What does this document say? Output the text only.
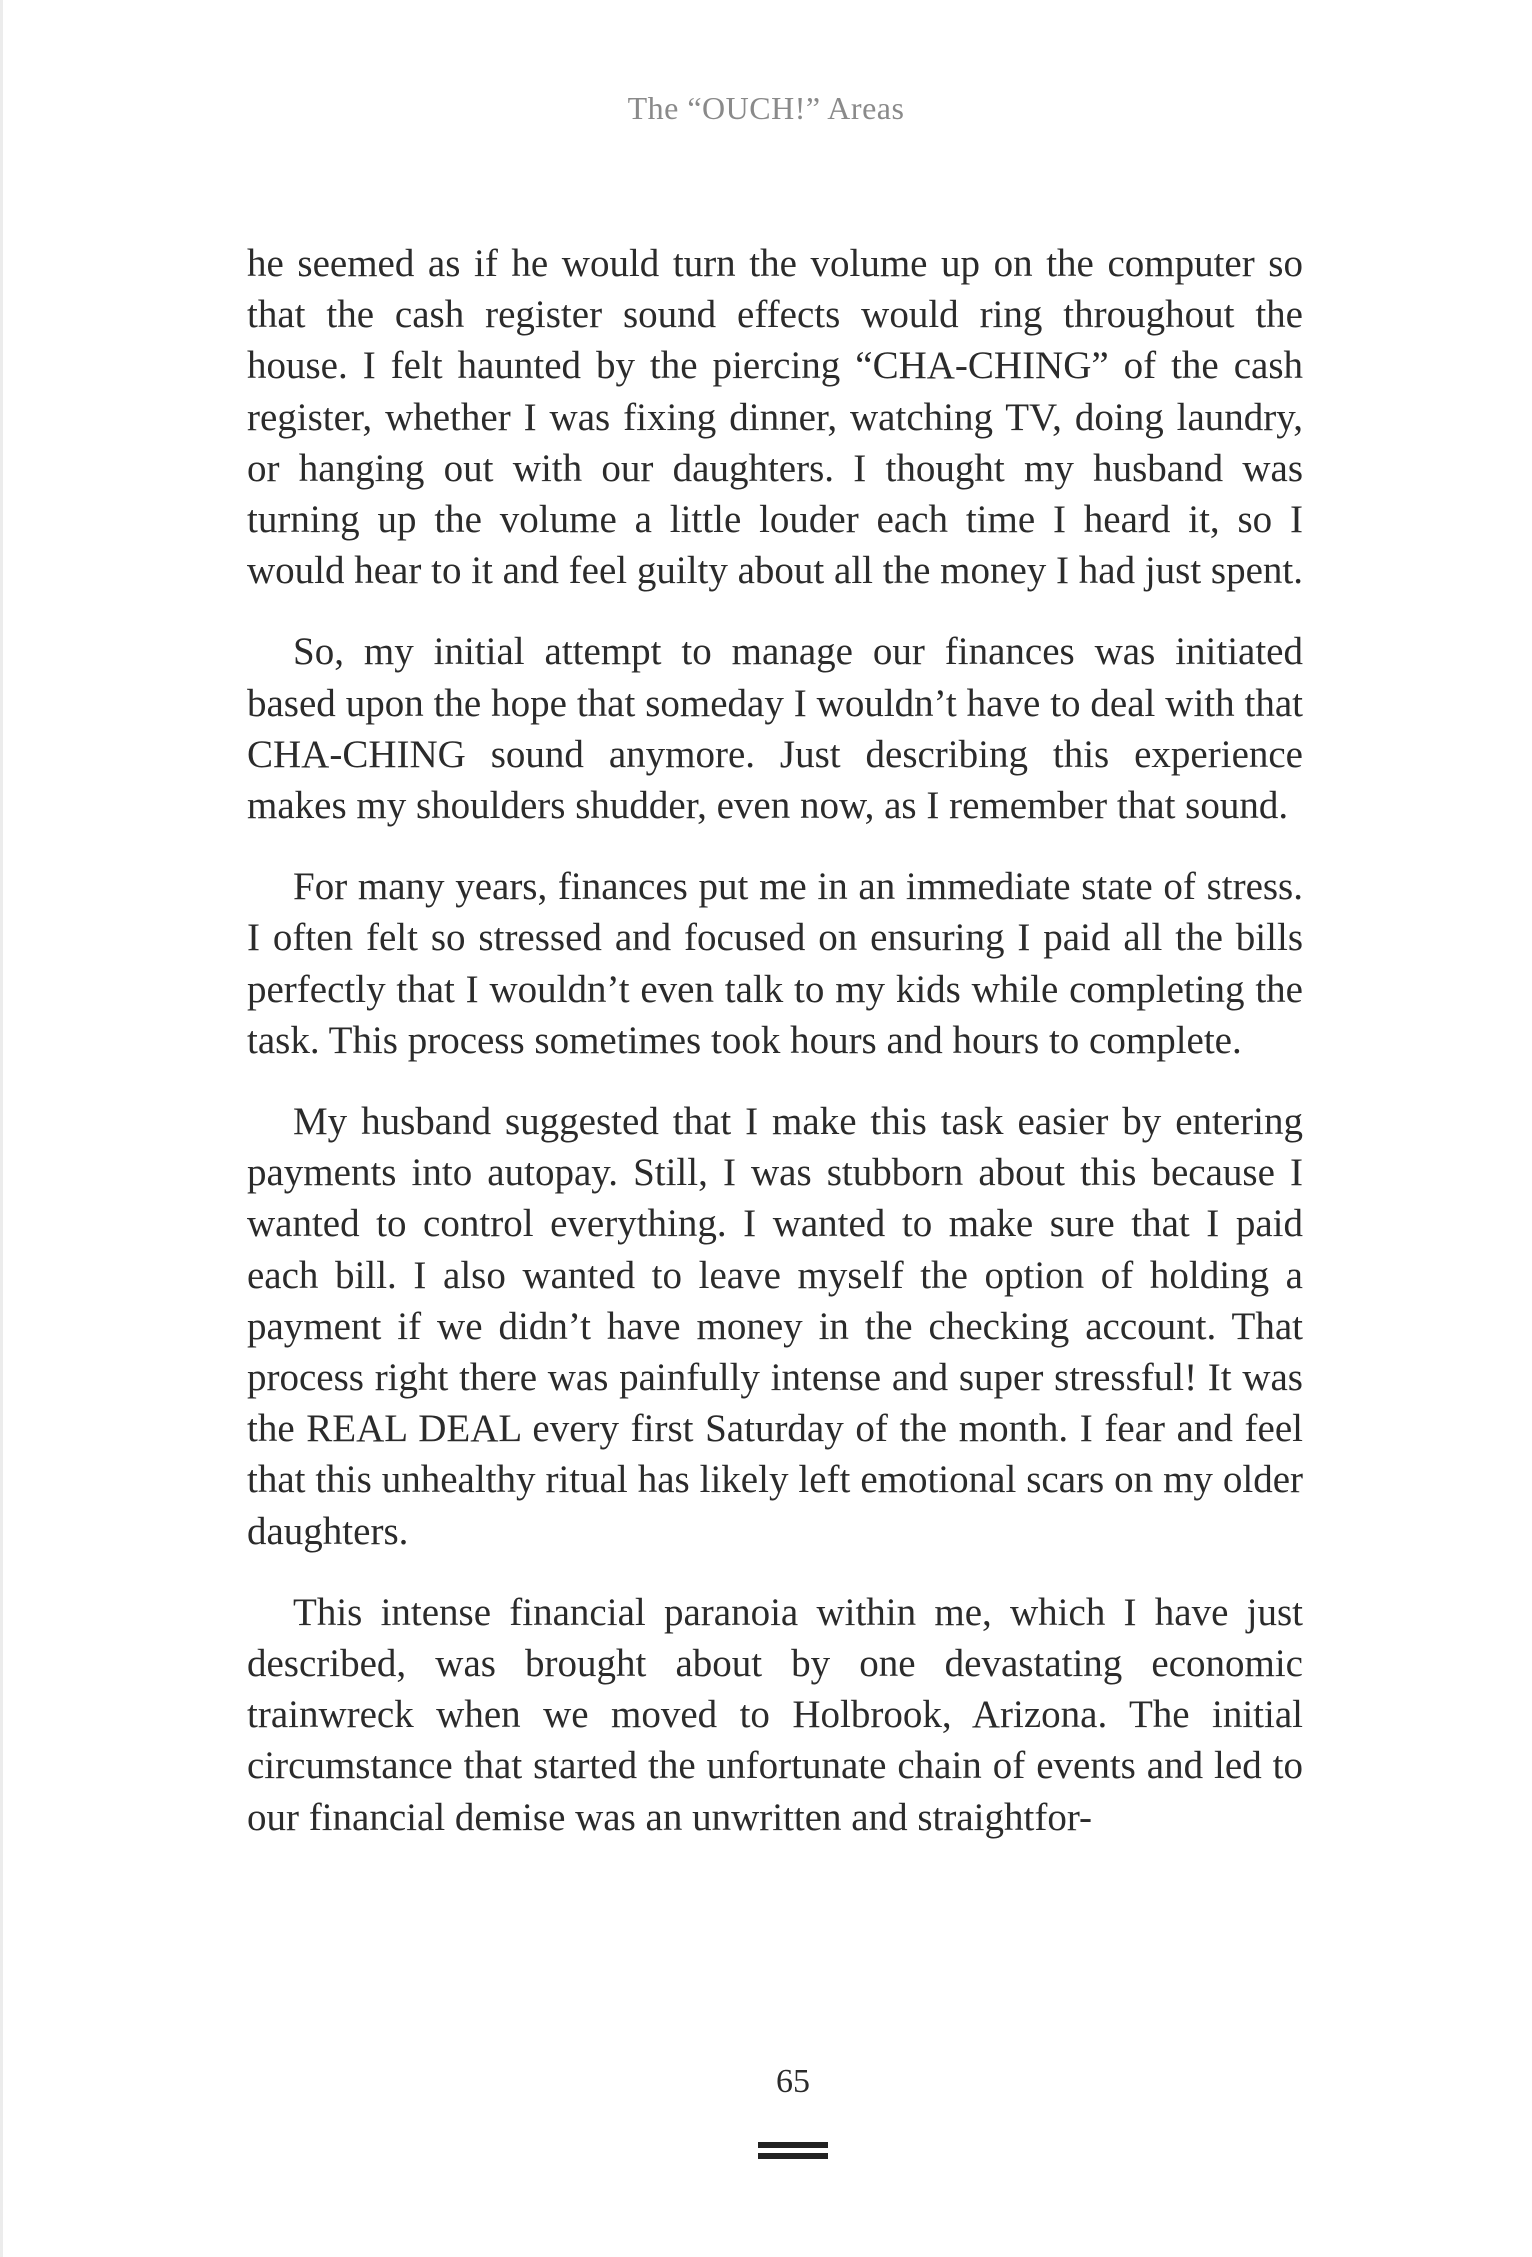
The “OUCH!” Areas

he seemed as if he would turn the volume up on the computer so that the cash register sound effects would ring throughout the house. I felt haunted by the piercing “CHA-CHING” of the cash register, whether I was fixing dinner, watching TV, doing laundry, or hanging out with our daughters. I thought my husband was turning up the volume a little louder each time I heard it, so I would hear to it and feel guilty about all the money I had just spent.

So, my initial attempt to manage our finances was initiated based upon the hope that someday I wouldn’t have to deal with that CHA-CHING sound anymore. Just describing this experience makes my shoulders shudder, even now, as I remember that sound.

For many years, finances put me in an immediate state of stress. I often felt so stressed and focused on ensuring I paid all the bills perfectly that I wouldn’t even talk to my kids while completing the task. This process sometimes took hours and hours to complete.

My husband suggested that I make this task easier by entering payments into autopay. Still, I was stubborn about this because I wanted to control everything. I wanted to make sure that I paid each bill. I also wanted to leave myself the option of holding a payment if we didn’t have money in the checking account. That process right there was painfully intense and super stressful! It was the REAL DEAL every first Saturday of the month. I fear and feel that this unhealthy ritual has likely left emotional scars on my older daughters.

This intense financial paranoia within me, which I have just described, was brought about by one devastating economic trainwreck when we moved to Holbrook, Arizona. The initial circumstance that started the unfortunate chain of events and led to our financial demise was an unwritten and straightfor-

65
